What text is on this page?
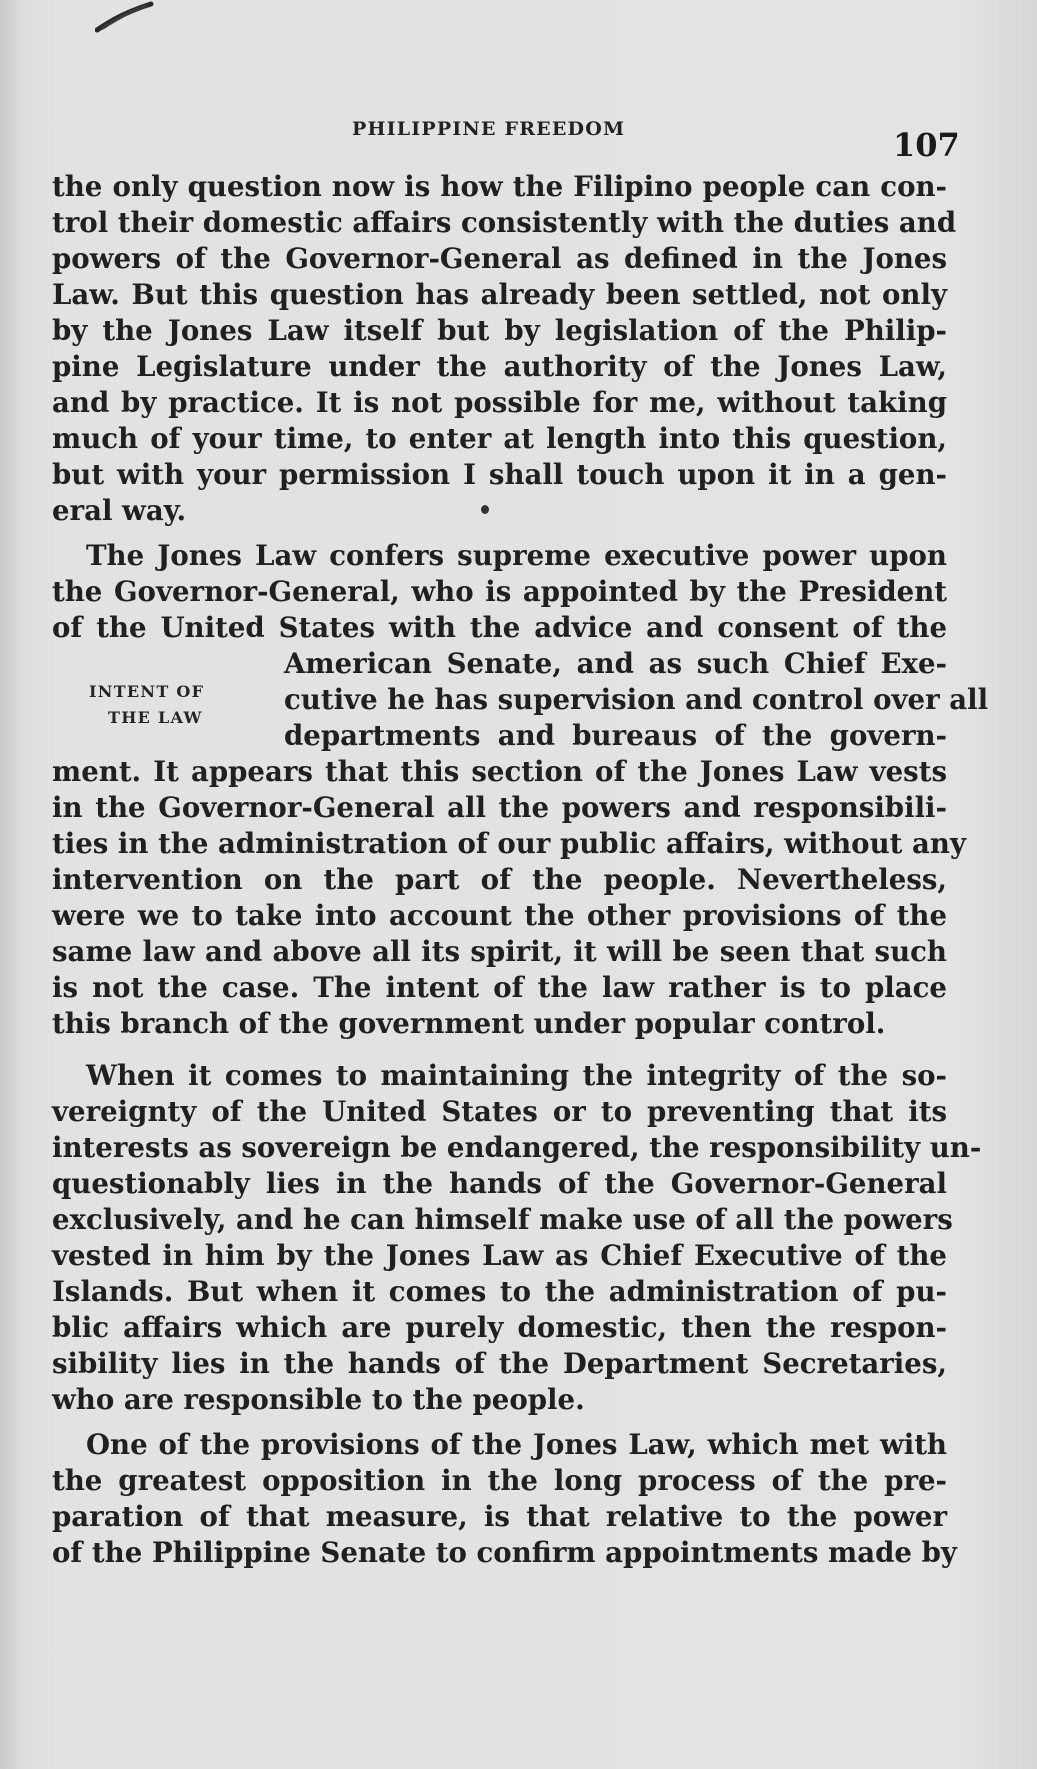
PHILIPPINE FREEDOM	107
the only question now is how the Filipino people can con-
trol their domestic affairs consistently with the duties and
powers of the Governor-General as defined in the Jones
Law. But this question has already been settled, not only
by the Jones Law itself but by legislation of the Philip-
pine Legislature under the authority of the Jones Law,
and by practice. It is not possible for me, without taking
much of your time, to enter at length into this question,
but with your permission I shall touch upon it in a gen-
eral way.
The Jones Law confers supreme executive power upon
the Governor-General, who is appointed by the President
of the United States with the advice and consent of the
INTENT OF
THE LAW
American Senate, and as such Chief Exe-
cutive he has supervision and control over all
departments and bureaus of the govern-
ment. It appears that this section of the Jones Law vests
in the Governor-General all the powers and responsibili-
ties in the administration of our public affairs, without any
intervention on the part of the people. Nevertheless,
were we to take into account the other provisions of the
same law and above all its spirit, it will be seen that such
is not the case. The intent of the law rather is to place
this branch of the government under popular control.
When it comes to maintaining the integrity of the so-
vereignty of the United States or to preventing that its
interests as sovereign be endangered, the responsibility un-
questionably lies in the hands of the Governor-General
exclusively, and he can himself make use of all the powers
vested in him by the Jones Law as Chief Executive of the
Islands. But when it comes to the administration of pu-
blic affairs which are purely domestic, then the respon-
sibility lies in the hands of the Department Secretaries,
who are responsible to the people.
One of the provisions of the Jones Law, which met with
the greatest opposition in the long process of the pre-
paration of that measure, is that relative to the power
of the Philippine Senate to confirm appointments made by
